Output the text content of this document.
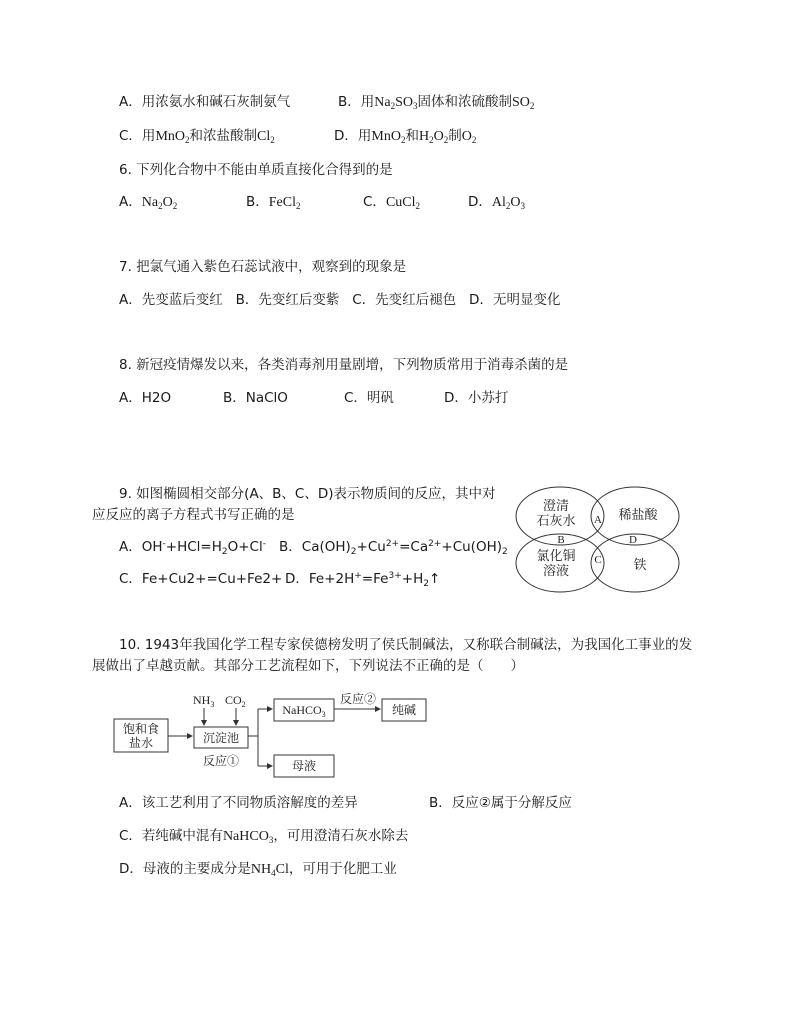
A．用浓氨水和碱石灰制氨气	B．用$Na_2SO_3$固体和浓硫酸制$SO_2$
C．用MnO$_2$和浓盐酸制$Cl_2$	D．用MnO$_2$和$H_2O_2$制$O_2$
6. 下列化合物中不能由单质直接化合得到的是
A．$Na_2O_2$	B．FeCl$_2$	C．CuCl$_2$	D．$Al_2O_3$
7. 把氯气通入紫色石蕊试液中，观察到的现象是
A．先变蓝后变红   B．先变红后变紫   C．先变红后褪色   D．无明显变化
8. 新冠疫情爆发以来，各类消毒剂用量剧增，下列物质常用于消毒杀菌的是
A．H2O	B．NaClO	C．明矾	D．小苏打
9. 如图椭圆相交部分(A、B、C、D)表示物质间的反应，其中对
应反应的离子方程式书写正确的是
A．$OH^-+HCl=H_2O+Cl^-$ B．$Ca(OH)_2+Cu^{2+}=Ca^{2+}+Cu(OH)_2$
C．Fe+Cu2+=Cu+Fe2+ D．$Fe+2H^+=Fe^{3+}+H_2↑$
澄清
石灰水	稀盐酸
氯化铜
溶液	铁
A
B
C
D
10. 1943年我国化学工程专家侯德榜发明了侯氏制碱法，又称联合制碱法，为我国化工事业的发
展做出了卓越贡献。其部分工艺流程如下，下列说法不正确的是（　　）
$NH_3$ $CO_2$
饱和食
盐水	沉淀池
反应①
NaHCO$_3$
反应②
纯碱
母液
A．该工艺利用了不同物质溶解度的差异	B．反应②属于分解反应
C．若纯碱中混有NaHCO$_3$，可用澄清石灰水除去
D．母液的主要成分是$NH_4Cl$，可用于化肥工业
